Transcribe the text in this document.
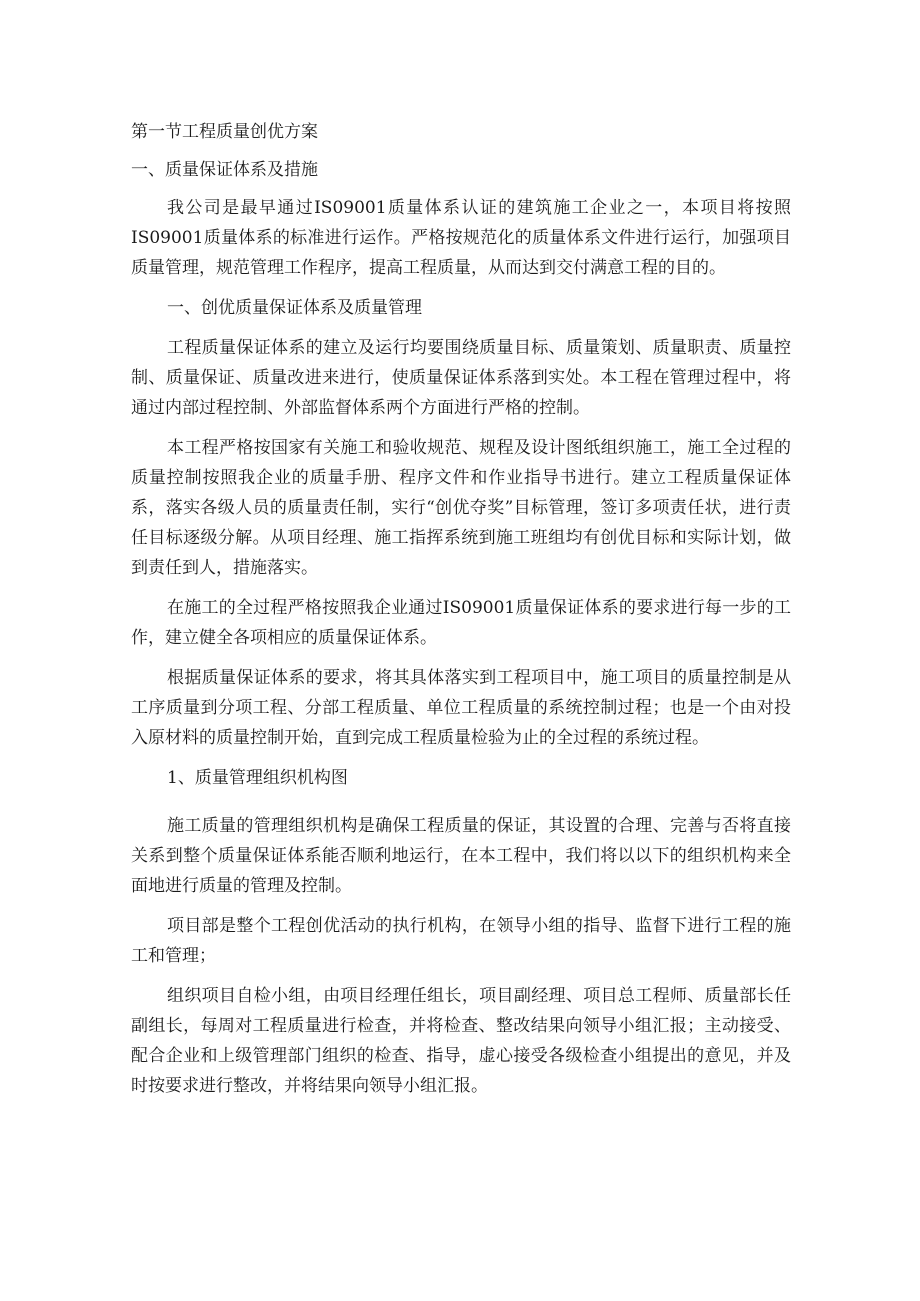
第一节工程质量创优方案

一、质量保证体系及措施

我公司是最早通过IS09001质量体系认证的建筑施工企业之一，本项目将按照IS09001质量体系的标准进行运作。严格按规范化的质量体系文件进行运行，加强项目质量管理，规范管理工作程序，提高工程质量，从而达到交付满意工程的目的。

一、创优质量保证体系及质量管理

工程质量保证体系的建立及运行均要围绕质量目标、质量策划、质量职责、质量控制、质量保证、质量改进来进行，使质量保证体系落到实处。本工程在管理过程中，将通过内部过程控制、外部监督体系两个方面进行严格的控制。

本工程严格按国家有关施工和验收规范、规程及设计图纸组织施工，施工全过程的质量控制按照我企业的质量手册、程序文件和作业指导书进行。建立工程质量保证体系，落实各级人员的质量责任制，实行“创优夺奖”目标管理，签订多项责任状，进行责任目标逐级分解。从项目经理、施工指挥系统到施工班组均有创优目标和实际计划，做到责任到人，措施落实。

在施工的全过程严格按照我企业通过IS09001质量保证体系的要求进行每一步的工作，建立健全各项相应的质量保证体系。

根据质量保证体系的要求，将其具体落实到工程项目中，施工项目的质量控制是从工序质量到分项工程、分部工程质量、单位工程质量的系统控制过程；也是一个由对投入原材料的质量控制开始，直到完成工程质量检验为止的全过程的系统过程。

1、质量管理组织机构图

施工质量的管理组织机构是确保工程质量的保证，其设置的合理、完善与否将直接关系到整个质量保证体系能否顺利地运行，在本工程中，我们将以以下的组织机构来全面地进行质量的管理及控制。

项目部是整个工程创优活动的执行机构，在领导小组的指导、监督下进行工程的施工和管理；

组织项目自检小组，由项目经理任组长，项目副经理、项目总工程师、质量部长任副组长，每周对工程质量进行检查，并将检查、整改结果向领导小组汇报；主动接受、配合企业和上级管理部门组织的检查、指导，虚心接受各级检查小组提出的意见，并及时按要求进行整改，并将结果向领导小组汇报。
